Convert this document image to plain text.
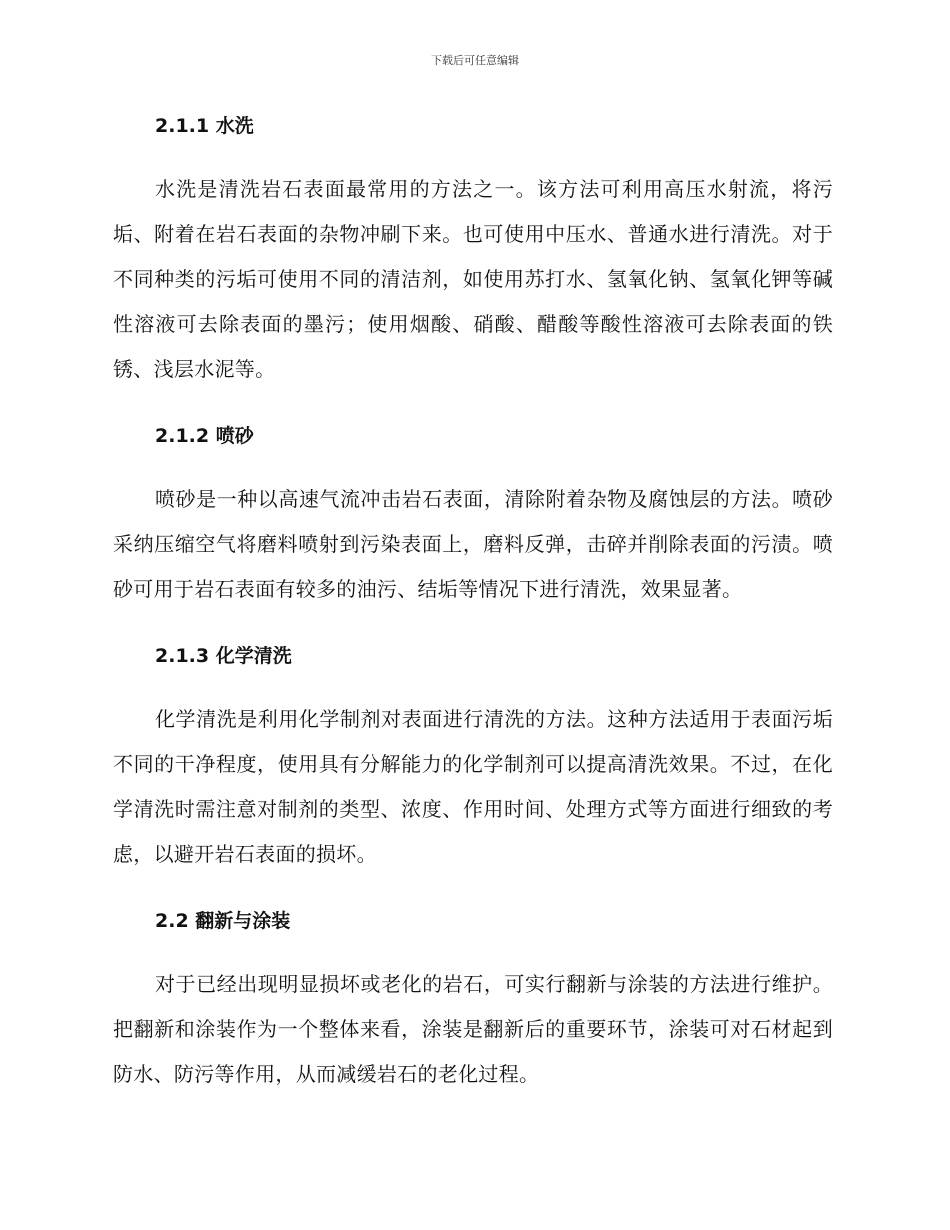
下载后可任意编辑
2.1.1 水洗

水洗是清洗岩石表面最常用的方法之一。该方法可利用高压水射流，将污垢、附着在岩石表面的杂物冲刷下来。也可使用中压水、普通水进行清洗。对于不同种类的污垢可使用不同的清洁剂，如使用苏打水、氢氧化钠、氢氧化钾等碱性溶液可去除表面的墨污；使用烟酸、硝酸、醋酸等酸性溶液可去除表面的铁锈、浅层水泥等。

2.1.2 喷砂

喷砂是一种以高速气流冲击岩石表面，清除附着杂物及腐蚀层的方法。喷砂采纳压缩空气将磨料喷射到污染表面上，磨料反弹，击碎并削除表面的污渍。喷砂可用于岩石表面有较多的油污、结垢等情况下进行清洗，效果显著。

2.1.3 化学清洗

化学清洗是利用化学制剂对表面进行清洗的方法。这种方法适用于表面污垢不同的干净程度，使用具有分解能力的化学制剂可以提高清洗效果。不过，在化学清洗时需注意对制剂的类型、浓度、作用时间、处理方式等方面进行细致的考虑，以避开岩石表面的损坏。

2.2 翻新与涂装

对于已经出现明显损坏或老化的岩石，可实行翻新与涂装的方法进行维护。把翻新和涂装作为一个整体来看，涂装是翻新后的重要环节，涂装可对石材起到防水、防污等作用，从而减缓岩石的老化过程。
